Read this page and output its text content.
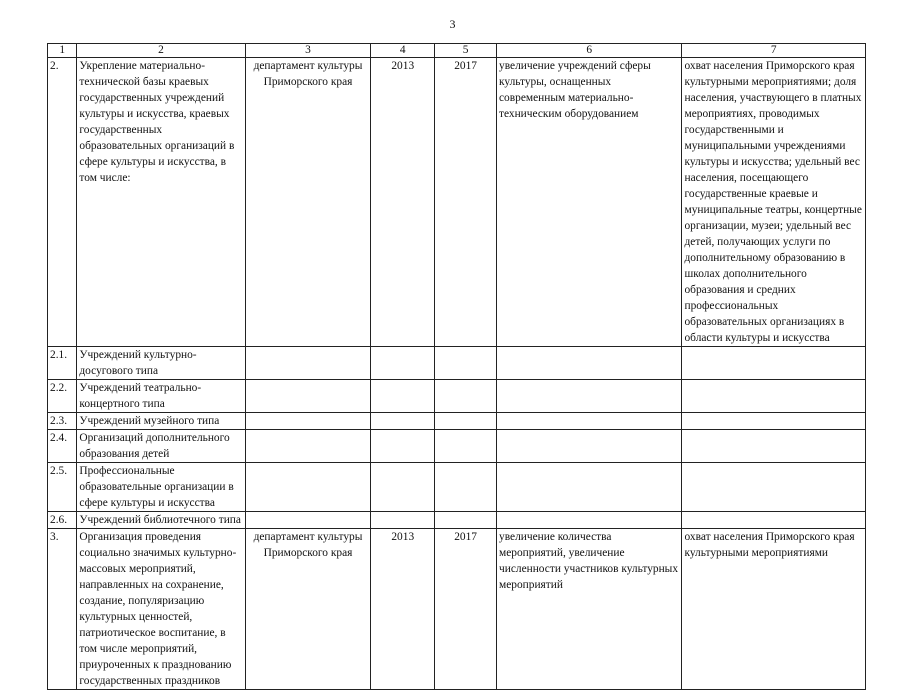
3
1	2	3	4	5	6	7
2.	Укрепление материально-технической базы краевых государственных учреждений культуры и искусства, краевых государственных образовательных организаций в сфере культуры и искусства, в том числе:	департамент культуры Приморского края	2013	2017	увеличение учреждений сферы культуры, оснащенных современным материально-техническим оборудованием	охват населения Приморского края культурными мероприятиями; доля населения, участвующего в платных мероприятиях, проводимых государственными и муниципальными учреждениями культуры и искусства; удельный вес населения, посещающего государственные краевые и муниципальные театры, концертные организации, музеи; удельный вес детей, получающих услуги по дополнительному образованию в школах дополнительного образования и средних профессиональных образовательных организациях в области культуры и искусства
2.1.	Учреждений культурно-досугового типа					
2.2.	Учреждений театрально-концертного типа					
2.3.	Учреждений музейного типа					
2.4.	Организаций дополнительного образования детей					
2.5.	Профессиональные образовательные организации в сфере культуры и искусства					
2.6.	Учреждений библиотечного типа					
3.	Организация проведения социально значимых культурно-массовых мероприятий, направленных на сохранение, создание, популяризацию культурных ценностей, патриотическое воспитание, в том числе мероприятий, приуроченных к празднованию государственных праздников	департамент культуры Приморского края	2013	2017	увеличение количества мероприятий, увеличение численности участников культурных мероприятий	охват населения Приморского края культурными мероприятиями
